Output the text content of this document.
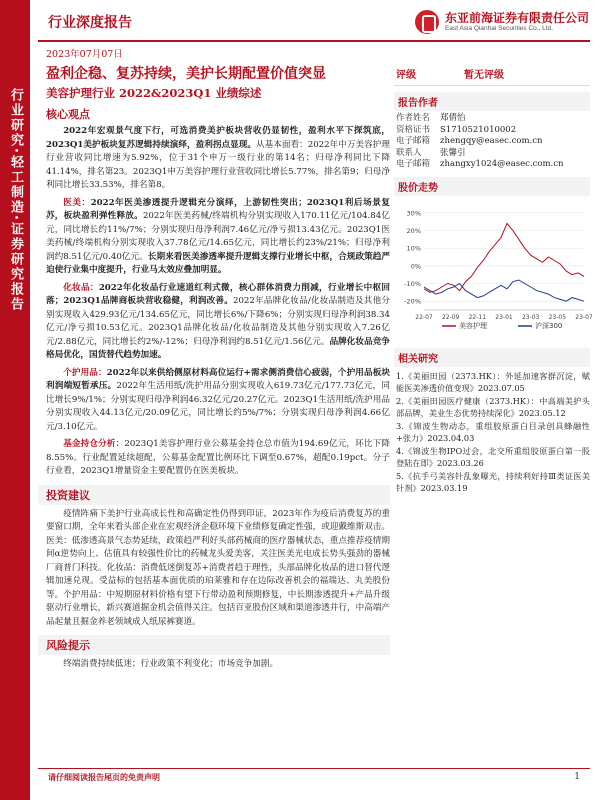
行业研究·轻工制造·证券研究报告
行业深度报告	东亚前海证券有限责任公司
East Asia Qianhai Securities Co., Ltd.
2023年07月07日
盈利企稳、复苏持续，美护长期配置价值突显
美容护理行业 2022&2023Q1 业绩综述
核心观点

2022年宏观景气度下行，可选消费美护板块营收仍显韧性，盈利水平下探筑底，2023Q1美护板块复苏逻辑持续演绎，盈利拐点显现。从基本面看：2022年中万美容护理行业营收同比增速为5.92%，位于31个申万一级行业的第14名；归母净利同比下降41.14%，排名第23。2023Q1申万美容护理行业营收同比增长5.77%，排名第9；归母净利同比增长33.53%，排名第8。

医美：2022年医美渗透提升逻辑充分演绎，上游韧性突出；2023Q1利后场景复苏，板块盈利弹性释放。2022年医美药械/终端机构分别实现收入170.11亿元/104.84亿元，同比增长约11%/7%；分别实现归母净利润7.46亿元/净亏损13.43亿元。2023Q1医美药械/终端机构分别实现收入37.78亿元/14.65亿元，同比增长约23%/21%；归母净利润约8.51亿元/0.40亿元。长期来看医美渗透率提升逻辑支撑行业增长中枢，合规政策趋严迫使行业集中度提升，行业马太效应叠加明显。

化妆品：2022年化妆品行业速道红利式微，核心群体消费力削减，行业增长中枢回落；2023Q1品牌商板块营收稳健，利润改善。2022年品牌化妆品/化妆品制造及其他分别实现收入429.93亿元/134.65亿元，同比增长6%/下降6%；分别实现归母净利润38.34亿元/净亏损10.53亿元。2023Q1品牌化妆品/化妆品制造及其他分别实现收入7.26亿元/2.88亿元，同比增长约2%/-12%；归母净利润约8.51亿元/1.56亿元。品牌化妆品竞争格局优化，国货替代趋势加速。

个护用品：2022年以来供给侧原材料高位运行+需求侧消费信心疲弱，个护用品板块利润端短暂承压。2022年生活用纸/洗护用品分别实现收入619.73亿元/177.73亿元，同比增长9%/1%；分别实现归母净利润46.32亿元/20.27亿元。2023Q1生活用纸/洗护用品分别实现收入44.13亿元/20.09亿元，同比增长约5%/7%；分别实现归母净利润4.66亿元/3.10亿元。

基金持仓分析：2023Q1美容护理行业公募基金持仓总市值为194.69亿元，环比下降8.55%。行业配置延续超配，公募基金配置比例环比下调至0.67%，超配0.19pct。分子行业看，2023Q1增量资金主要配置仍在医美板块。

投资建议

疫情阵痛下美护行业高成长性和高确定性仍得到印证，2023年作为疫后消费复苏的重要窗口期，全年来看头部企业在宏观经济企稳环境下业绩修复确定性强，或迎戴维斯双击。医美：低渗透高景气态势延续，政策趋严利好头部药械商的医疗器械状态，重点推荐疫情期间α逆势向上、估值具有较强性价比的药械龙头爱美客，关注医美光电成长势头强劲的器械厂商普门科技。化妆品：消费低迷倒复苏+消费者趋于理性，头部品牌化妆品的进口替代逻辑加速兑现。受益标的包括基本面优质的珀莱雅和存在边际改善机会的福瑞达、丸美股份等。个护用品：中短期原材料价格有望下行带动盈利预期修复，中长期渗透提升+产品升级驱动行业增长，新兴赛道掘金机会值得关注。包括百亚股份区域和渠道渗透并行，中高端产品起量且掘金养老领域成人纸尿裤赛道。

风险提示

终端消费持续低迷；行业政策不利变化；市场竞争加剧。

评级	暂无评级
报告作者
作者姓名	郑倩怡
资格证书	S1710521010002
电子邮箱	zhengqy@easec.com.cn
联系人	张馨引
电子邮箱	zhangxy1024@easec.com.cn
股价走势
-20%
-10%
0%
10%
20%
30%
22-07 22-09 22-11 23-01 23-03 23-05 23-07
美容护理	沪深300
相关研究

1.《美丽田园（2373.HK）：外延加速客群沉淀，赋能医美渗透价值变现》2023.07.05

2.《美丽田园医疗健康（2373.HK）：中高端美护头部品牌，美业生态优势持续深化》2023.05.12

3.《锦波生物动态，重组胶原蛋白目录创具蜂融性+张力》2023.04.03

4.《锦波生物IPO过会，北交所重组胶原蛋白第一股登陆在即》2023.03.26

5.《抗手弓美容针乱象曝光，持续利好持Ⅲ类证医美针剂》2023.03.19

请仔细阅读报告尾页的免责声明	1
